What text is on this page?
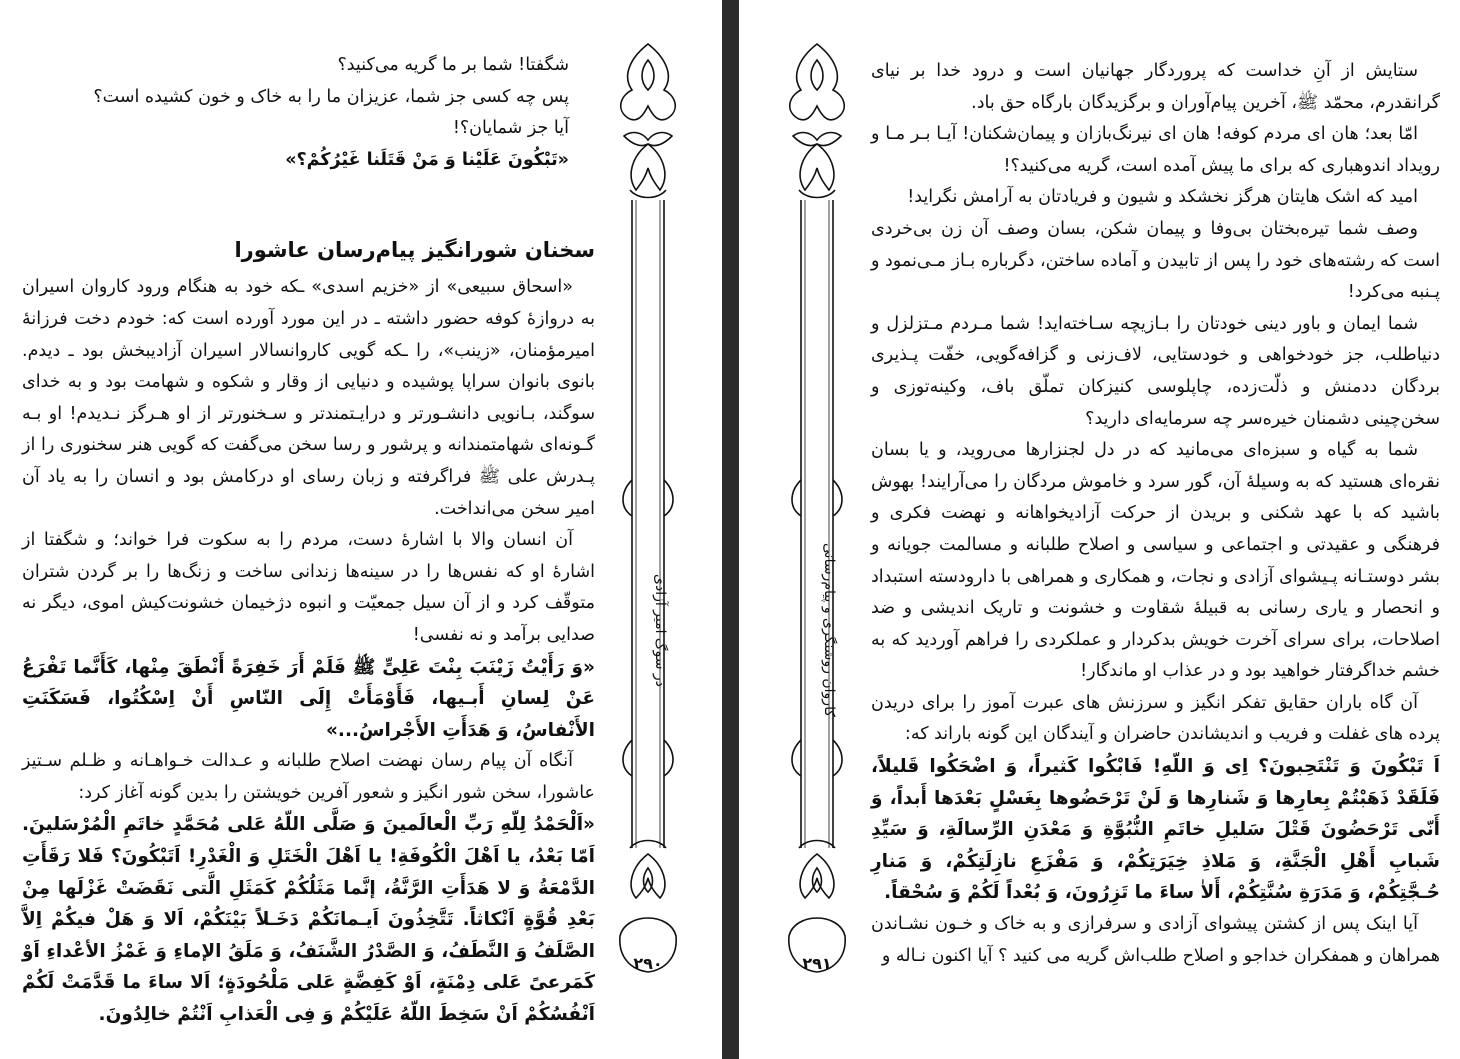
شگفتا! شما بر ما گریه می‌کنید؟

پس چه کسی جز شما، عزیزان ما را به خاک و خون کشیده است؟

آیا جز شمایان؟!

«تَبْکُونَ عَلَیْنا وَ مَنْ قَتَلَنا غَیْرُکُمْ؟»

سخنان شورانگیز پیام‌رسان عاشورا

«اسحاق سبیعی» از «خزیم اسدی» ـکه خود به هنگام ورود کاروان اسیران به دروازهٔ کوفه حضور داشته ـ در این مورد آورده است که: خودم دخت فرزانهٔ امیرمؤمنان، «زینب»، را ـکه گویی کاروانسالار اسیران آزادیبخش بود ـ دیدم. بانوی بانوان سراپا پوشیده و دنیایی از وقار و شکوه و شهامت بود و به خدای سوگند، بـانویی دانشـورتر و درایـتمندتر و سـخنورتر از او هـرگز نـدیدم! او بـه گـونه‌ای شهامتمندانه و پرشور و رسا سخن می‌گفت که گویی هنر سخنوری را از پـدرش علی ﷺ فراگرفته و زبان رسای او درکامش بود و انسان را به یاد آن امیر سخن می‌انداخت.

آن انسان والا با اشارهٔ دست، مردم را به سکوت فرا خواند؛ و شگفتا از اشارهٔ او که نفس‌ها را در سینه‌ها زندانی ساخت و زنگ‌ها را بر گردن شتران متوقّف کرد و از آن سیل جمعیّت و انبوه دژخیمان خشونت‌کیش اموی، دیگر نه صدایی برآمد و نه نفسی!

«وَ رَأَیْتُ زَیْنَبَ بِنْتَ عَلِیٍّ ﷺ فَلَمْ أَرَ خَفِرَةً أَنْطَقَ مِنْها، کَأَنَّما تَفْرَعُ عَنْ لِسانِ أَبـیها، فَأَوْمَأَتْ إِلَی النّاسِ أَنْ اِسْکُتُوا، فَسَکَنَتِ الأَنْفاسُ، وَ هَدَأَتِ الأَجْراسُ...»

آنگاه آن پیام رسان نهضت اصلاح طلبانه و عـدالت خـواهـانه و ظـلم سـتیز عاشورا، سخن شور انگیز و شعور آفرین خویشتن را بدین گونه آغاز کرد:

«اَلْحَمْدُ لِلّهِ رَبِّ الْعالَمینَ وَ صَلَّی اللّهُ عَلی مُحَمَّدٍ خاتَمِ الْمُرْسَلینَ. اَمّا بَعْدُ، یا اَهْلَ الْکُوفَةِ! یا اَهْلَ الْخَتَلِ وَ الْغَدْرِ! اَتَبْکُونَ؟ فَلا رَقَأَتِ الدَّمْعَةُ وَ لا هَدَأَتِ الرَّنَّةُ، إنَّما مَثَلُکُمْ کَمَثَلِ الَّتی نَقَضَتْ غَزْلَها مِنْ بَعْدِ قُوَّةٍ اَنْکاثاً. تَتَّخِذُونَ اَیـمانَکُمْ دَخَـلاً بَیْنَکُمْ، اَلا وَ هَلْ فیکُمْ اِلاَّ الصَّلَفُ وَ النَّطَفُ، وَ الصَّدْرُ الشَّنَفُ، وَ مَلَقُ الإماءِ وَ غَمْزُ الأعْداءِ اَوْ کَمَرعیً عَلی دِمْنَةٍ، اَوْ کَفِضَّةٍ عَلی مَلْحُودَةٍ؛ اَلا ساءَ ما قَدَّمَتْ لَکُمْ اَنْفُسُکُمْ اَنْ سَخِطَ اللّهُ عَلَیْکُمْ وَ فِی الْعَذابِ اَنْتُمْ خالِدُونَ.

در سوگ امیر آزادی
۲۹۰
کاروان روشنگری و پیام‌رسانی
۲۹۱

ستایش از آنِ خداست که پروردگار جهانیان است و درود خدا بر نیای گرانقدرم، محمّد ﷺ، آخرین پیام‌آوران و برگزیدگان بارگاه حق باد.

امّا بعد؛ هان ای مردم کوفه! هان ای نیرنگ‌بازان و پیمان‌شکنان! آیـا بـر مـا و رویداد اندوهباری که برای ما پیش آمده است، گریه می‌کنید؟!

امید که اشک هایتان هرگز نخشکد و شیون و فریادتان به آرامش نگراید!

وصف شما تیره‌بختان بی‌وفا و پیمان شکن، بسان وصف آن زن بی‌خردی است که رشته‌های خود را پس از تابیدن و آماده ساختن، دگرباره بـاز مـی‌نمود و پـنبه می‌کرد!

شما ایمان و باور دینی خودتان را بـازیچه سـاخته‌اید! شما مـردم مـتزلزل و دنیاطلب، جز خودخواهی و خودستایی، لاف‌زنی و گزافه‌گویی، خفّت پـذیری بردگان ددمنش و ذلّت‌زده، چاپلوسی کنیزکان تملّق باف، وکینه‌توزی و سخن‌چینی دشمنان خیره‌سر چه سرمایه‌ای دارید؟

شما به گیاه و سبزه‌ای می‌مانید که در دل لجنزارها می‌روید، و یا بسان نقره‌ای هستید که به وسیلهٔ آن، گور سرد و خاموش مردگان را می‌آرایند! بهوش باشید که با عهد شکنی و بریدن از حرکت آزادیخواهانه و نهضت فکری و فرهنگی و عقیدتی و اجتماعی و سیاسی و اصلاح طلبانه و مسالمت جویانه و بشر دوستـانه پـیشوای آزادی و نجات، و همکاری و همراهی با دارودسته استبداد و انحصار و یاری رسانی به قبیلهٔ شقاوت و خشونت و تاریک اندیشی و ضد اصلاحات، برای سرای آخرت خویش بدکردار و عملکردی را فراهم آوردید که به خشم خداگرفتار خواهید بود و در عذاب او ماندگار!

آن گاه باران حقایق تفکر انگیز و سرزنش های عبرت آموز را برای دریدن پرده های غفلت و فریب و اندیشاندن حاضران و آیندگان این گونه باراند که:

اَ تَبْکُونَ وَ تَنْتَحِبونَ؟ اِی وَ اللّهِ! فَابْکُوا کَثیراً، وَ اضْحَکُوا قَلیلاً، فَلَقَدْ ذَهَبْتُمْ بِعارِها وَ شَنارِها وَ لَنْ تَرْحَضُوها بِغَسْلٍ بَعْدَها أَبداً، وَ أَنّی تَرْحَضُونَ قَتْلَ سَلیلِ خاتَمِ النُّبُوَّةِ وَ مَعْدَنِ الرِّسالَةِ، وَ سَیِّدِ شَبابِ أَهْلِ الْجَنَّةِ، وَ مَلاذِ خِیَرَتِکُمْ، وَ مَفْزَعِ نازِلَتِکُمْ، وَ مَنارِ حُـجَّتِکُمْ، وَ مَدَرَةِ سُنَّتِکُمْ، أَلاٰ ساءَ ما تَزِرُونَ، وَ بُعْداً لَکُمْ وَ سُحْقاً.

آیا اینک پس از کشتن پیشوای آزادی و سرفرازی و به خاک و خـون نشـاندن همراهان و همفکران خداجو و اصلاح طلب‌اش گریه می کنید ؟ آیا اکنون نـاله و
